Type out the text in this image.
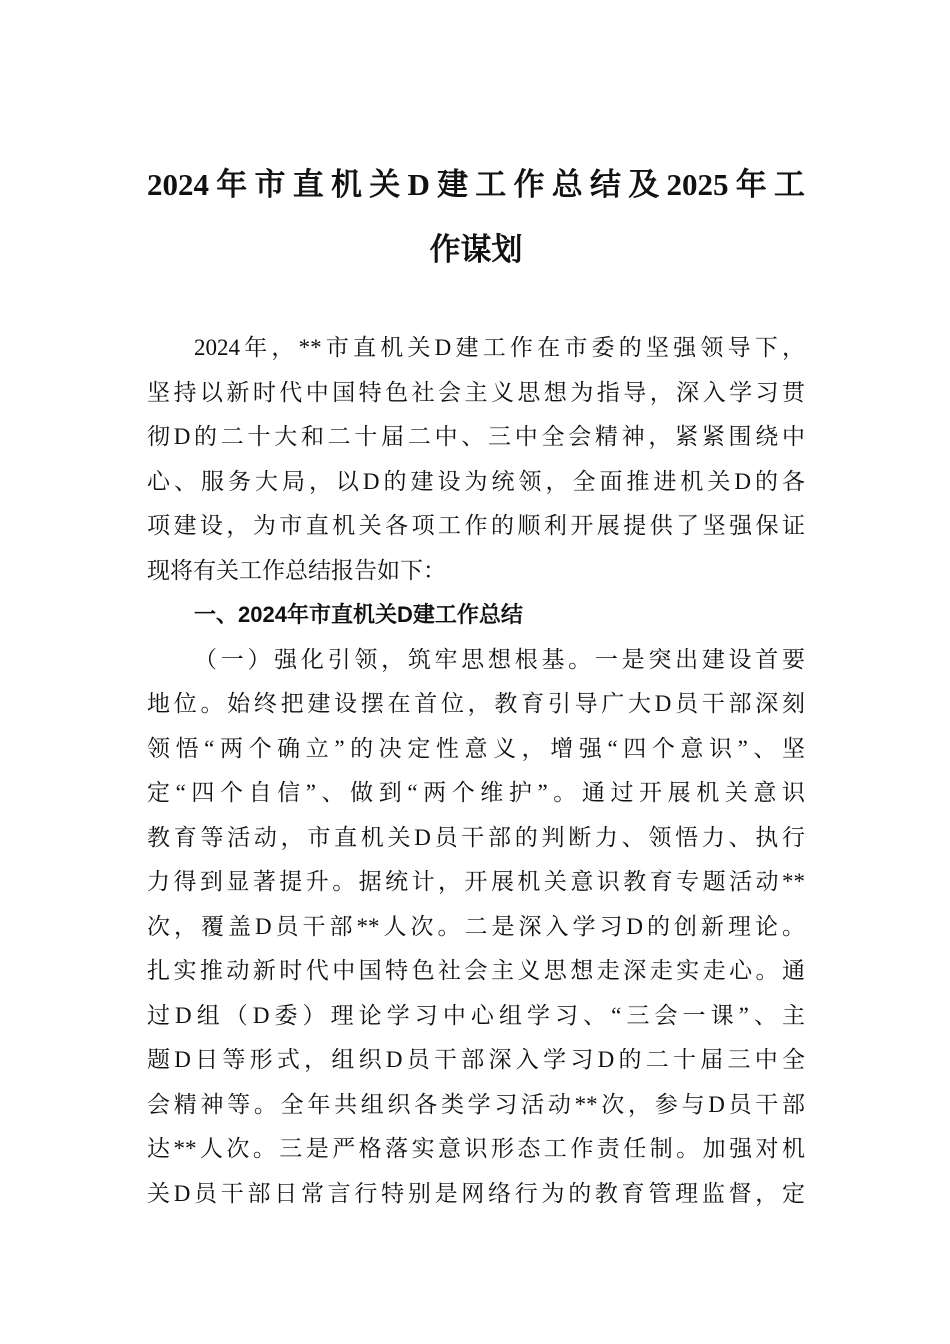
2024年市直机关D建工作总结及2025年工
作谋划
2024年，**市直机关D建工作在市委的坚强领导下，
坚持以新时代中国特色社会主义思想为指导，深入学习贯
彻D的二十大和二十届二中、三中全会精神，紧紧围绕中
心、服务大局，以D的建设为统领，全面推进机关D的各
项建设，为市直机关各项工作的顺利开展提供了坚强保证
现将有关工作总结报告如下：
一、2024年市直机关D建工作总结
（一）强化引领，筑牢思想根基。一是突出建设首要
地位。始终把建设摆在首位，教育引导广大D员干部深刻
领悟“两个确立”的决定性意义，增强“四个意识”、坚
定“四个自信”、做到“两个维护”。通过开展机关意识
教育等活动，市直机关D员干部的判断力、领悟力、执行
力得到显著提升。据统计，开展机关意识教育专题活动**
次，覆盖D员干部**人次。二是深入学习D的创新理论。
扎实推动新时代中国特色社会主义思想走深走实走心。通
过D组（D委）理论学习中心组学习、“三会一课”、主
题D日等形式，组织D员干部深入学习D的二十届三中全
会精神等。全年共组织各类学习活动**次，参与D员干部
达**人次。三是严格落实意识形态工作责任制。加强对机
关D员干部日常言行特别是网络行为的教育管理监督，定
